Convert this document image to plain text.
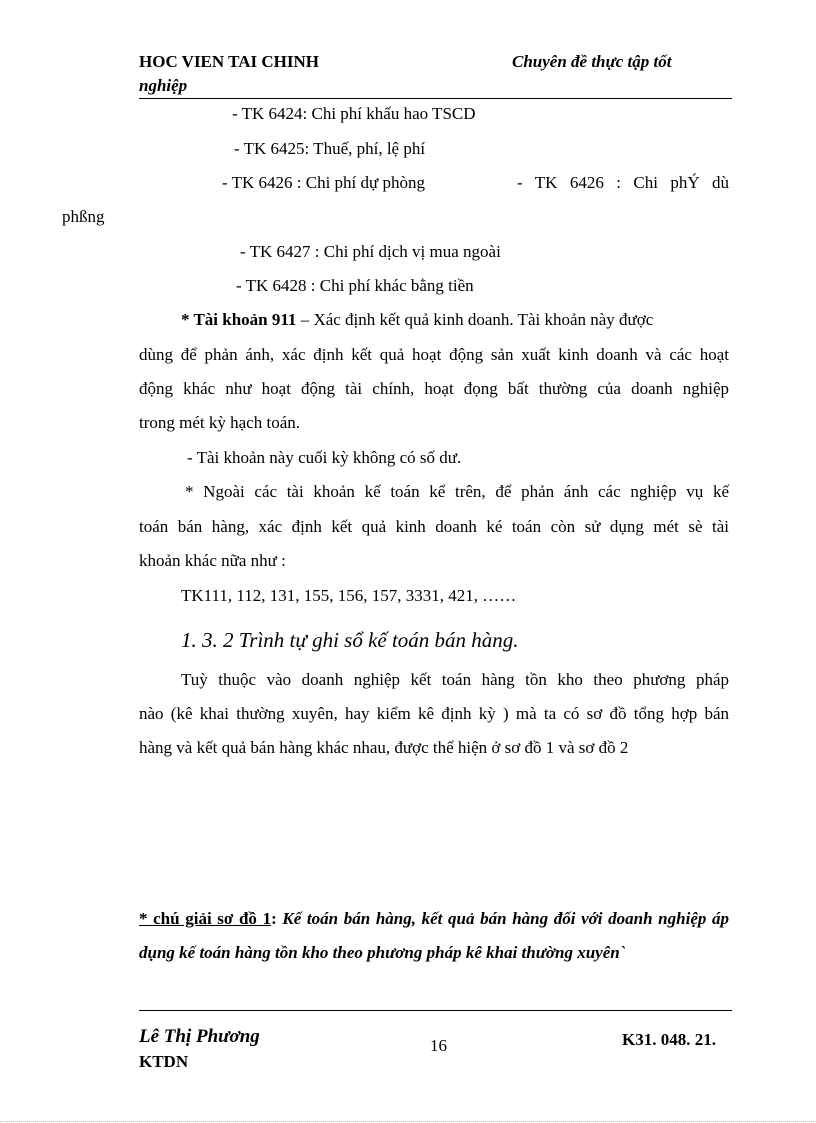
HOC VIEN TAI CHINH
nghiệp
Chuyên đề thực tập tốt
- TK 6424: Chi phí khấu hao TSCD
- TK 6425: Thuế, phí, lệ phí
- TK 6426 : Chi phí dự phòng	- TK 6426 : Chi phÝ dù
phßng
- TK 6427 : Chi phí dịch vị mua ngoài
- TK 6428 : Chi phí khác bằng tiền
* Tài khoản 911 – Xác định kết quả kinh doanh. Tài khoản này được
dùng để phản ánh, xác định kết quả hoạt động sản xuất kinh doanh và các hoạt
động khác như hoạt động tài chính, hoạt đọng bất thường của doanh nghiệp
trong mét kỳ hạch toán.
- Tài khoản này cuối kỳ không có số dư.
* Ngoài các tài khoản kế toán kể trên, để phản ánh các nghiệp vụ kế
toán bán hàng, xác định kết quả kinh doanh ké toán còn sử dụng mét sè tài
khoản khác nữa như :
TK111, 112, 131, 155, 156, 157, 3331, 421, ……
1. 3. 2 Trình tự ghi sổ kế toán bán hàng.
Tuỳ thuộc vào doanh nghiệp kết toán hàng tồn kho theo phương pháp
nào (kê khai thường xuyên, hay kiểm kê định kỳ ) mà ta có sơ đồ tổng hợp bán
hàng và kết quả bán hàng khác nhau, được thể hiện ở sơ đồ 1 và sơ đồ 2
* chú giải sơ đồ 1: Kế toán bán hàng, kết quả bán hàng đối với doanh nghiệp áp dụng kế toán hàng tồn kho theo phương pháp kê khai thường xuyên`
Lê Thị Phương
KTDN
16	K31. 048. 21.
